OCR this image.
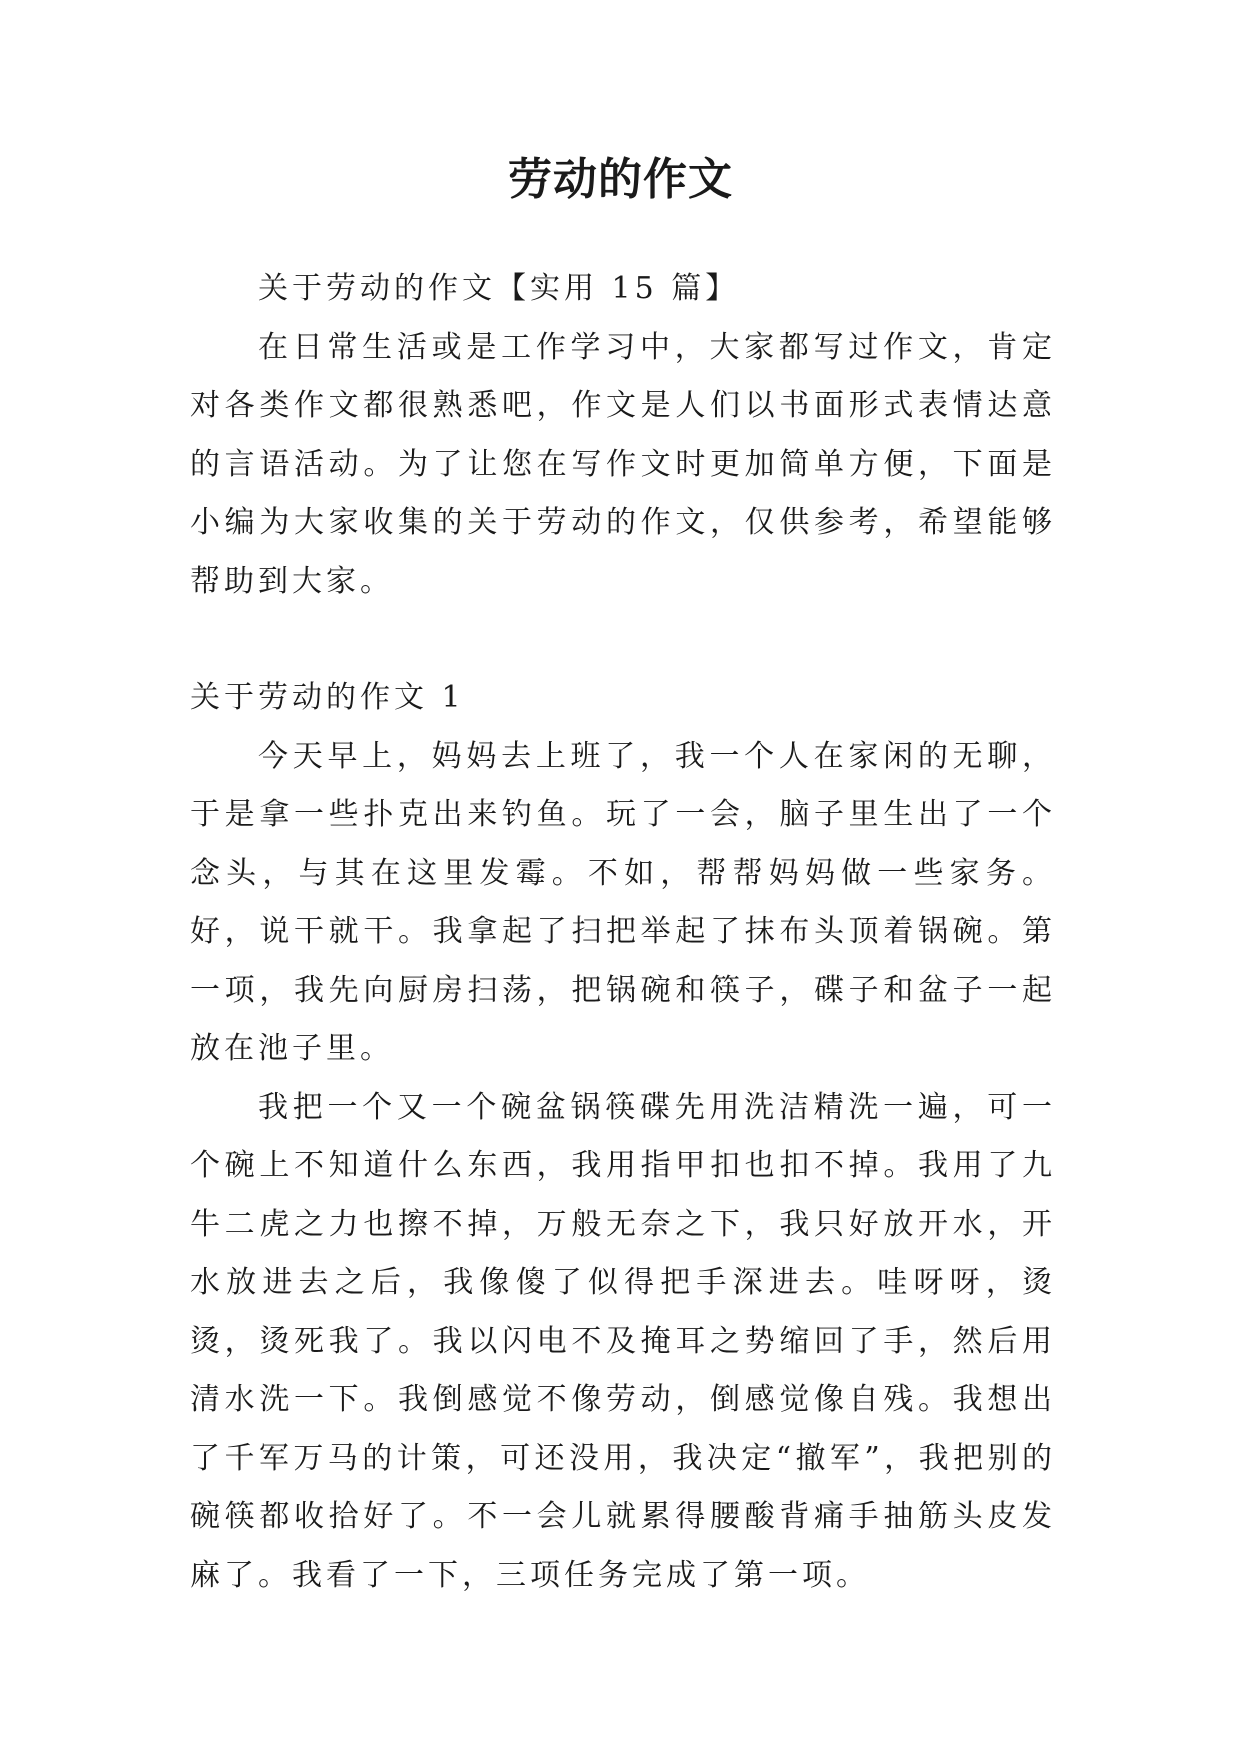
劳动的作文

关于劳动的作文【实用 15 篇】

在日常生活或是工作学习中，大家都写过作文，肯定对各类作文都很熟悉吧，作文是人们以书面形式表情达意的言语活动。为了让您在写作文时更加简单方便，下面是小编为大家收集的关于劳动的作文，仅供参考，希望能够帮助到大家。

关于劳动的作文 1

今天早上，妈妈去上班了，我一个人在家闲的无聊，于是拿一些扑克出来钓鱼。玩了一会，脑子里生出了一个念头，与其在这里发霉。不如，帮帮妈妈做一些家务。好，说干就干。我拿起了扫把举起了抹布头顶着锅碗。第一项，我先向厨房扫荡，把锅碗和筷子，碟子和盆子一起放在池子里。

我把一个又一个碗盆锅筷碟先用洗洁精洗一遍，可一个碗上不知道什么东西，我用指甲扣也扣不掉。我用了九牛二虎之力也擦不掉，万般无奈之下，我只好放开水，开水放进去之后，我像傻了似得把手深进去。哇呀呀，烫烫，烫死我了。我以闪电不及掩耳之势缩回了手，然后用清水洗一下。我倒感觉不像劳动，倒感觉像自残。我想出了千军万马的计策，可还没用，我决定“撤军”，我把别的碗筷都收拾好了。不一会儿就累得腰酸背痛手抽筋头皮发麻了。我看了一下，三项任务完成了第一项。
